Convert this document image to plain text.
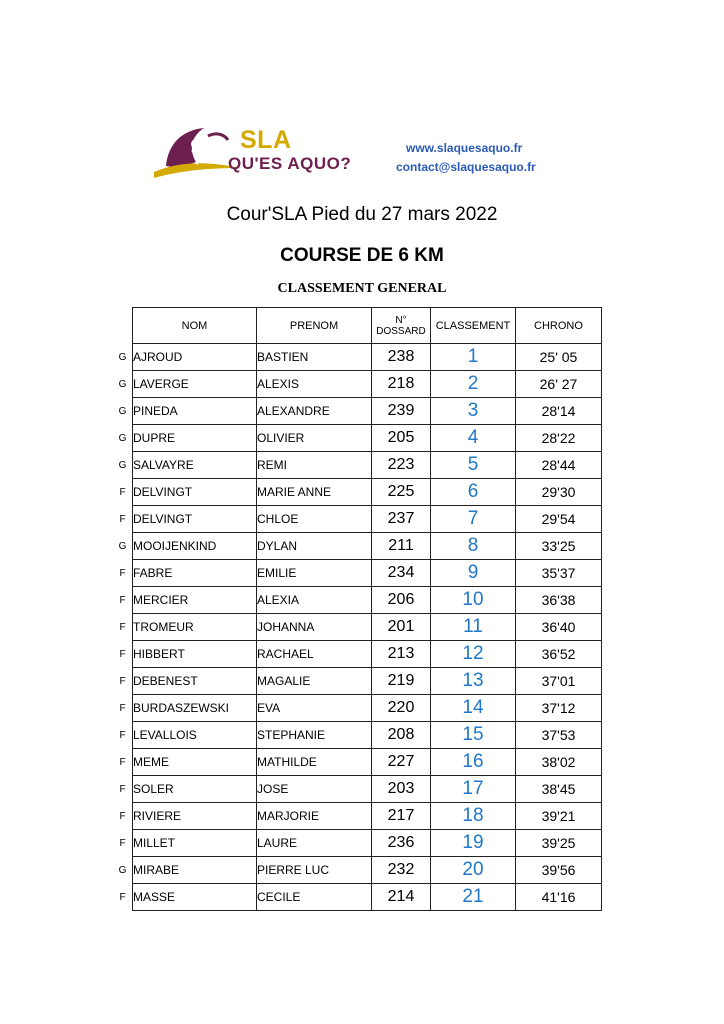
SLA
QU'ES AQUO?
www.slaquesaquo.fr
contact@slaquesaquo.fr
Cour'SLA Pied du 27 mars 2022
COURSE DE 6 KM
CLASSEMENT GENERAL
	NOM	PRENOM	N°
DOSSARD	CLASSEMENT	CHRONO
G	AJROUD	BASTIEN	238	1	25' 05
G	LAVERGE	ALEXIS	218	2	26' 27
G	PINEDA	ALEXANDRE	239	3	28'14
G	DUPRE	OLIVIER	205	4	28'22
G	SALVAYRE	REMI	223	5	28'44
F	DELVINGT	MARIE ANNE	225	6	29'30
F	DELVINGT	CHLOE	237	7	29'54
G	MOOIJENKIND	DYLAN	211	8	33'25
F	FABRE	EMILIE	234	9	35'37
F	MERCIER	ALEXIA	206	10	36'38
F	TROMEUR	JOHANNA	201	11	36'40
F	HIBBERT	RACHAEL	213	12	36'52
F	DEBENEST	MAGALIE	219	13	37'01
F	BURDASZEWSKI	EVA	220	14	37'12
F	LEVALLOIS	STEPHANIE	208	15	37'53
F	MEME	MATHILDE	227	16	38'02
F	SOLER	JOSE	203	17	38'45
F	RIVIERE	MARJORIE	217	18	39'21
F	MILLET	LAURE	236	19	39'25
G	MIRABE	PIERRE LUC	232	20	39'56
F	MASSE	CECILE	214	21	41'16
